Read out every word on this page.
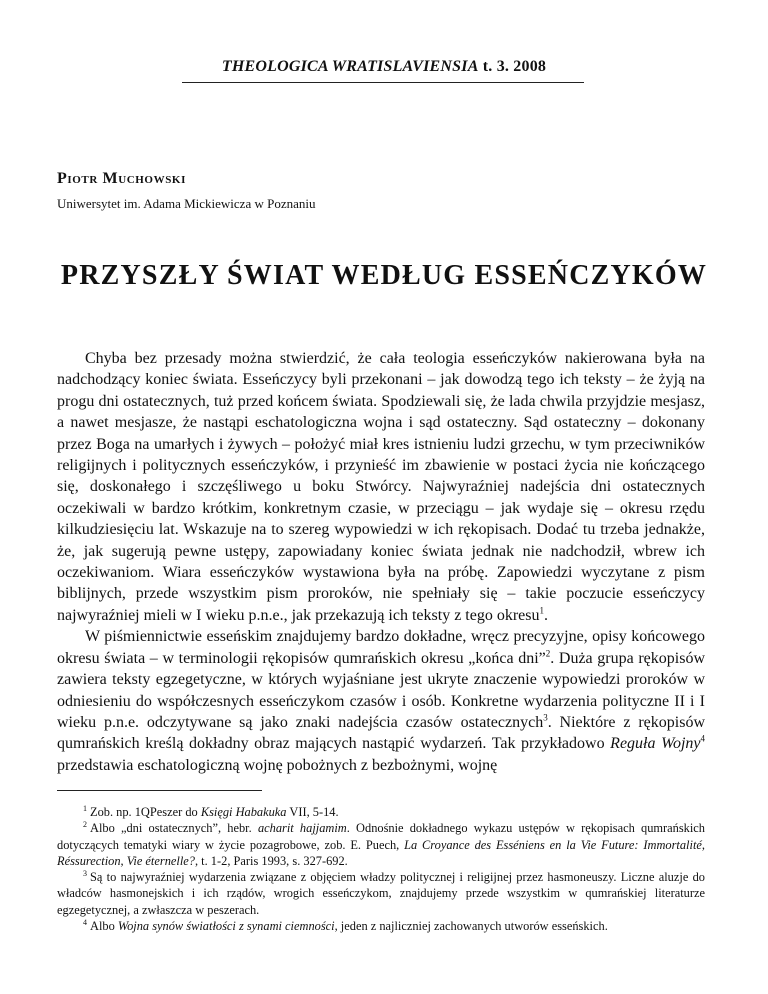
THEOLOGICA WRATISLAVIENSIA t. 3. 2008
Piotr Muchowski
Uniwersytet im. Adama Mickiewicza w Poznaniu
PRZYSZŁY ŚWIAT WEDŁUG ESSEŃCZYKÓW

Chyba bez przesady można stwierdzić, że cała teologia esseńczyków nakierowana była na nadchodzący koniec świata. Esseńczycy byli przekonani – jak dowodzą tego ich teksty – że żyją na progu dni ostatecznych, tuż przed końcem świata. Spodziewali się, że lada chwila przyjdzie mesjasz, a nawet mesjasze, że nastąpi eschatologiczna wojna i sąd ostateczny. Sąd ostateczny – dokonany przez Boga na umarłych i żywych – położyć miał kres istnieniu ludzi grzechu, w tym przeciwników religijnych i politycznych esseńczyków, i przynieść im zbawienie w postaci życia nie kończącego się, doskonałego i szczęśliwego u boku Stwórcy. Najwyraźniej nadejścia dni ostatecznych oczekiwali w bardzo krótkim, konkretnym czasie, w przeciągu – jak wydaje się – okresu rzędu kilkudziesięciu lat. Wskazuje na to szereg wypowiedzi w ich rękopisach. Dodać tu trzeba jednakże, że, jak sugerują pewne ustępy, zapowiadany koniec świata jednak nie nadchodził, wbrew ich oczekiwaniom. Wiara esseńczyków wystawiona była na próbę. Zapowiedzi wyczytane z pism biblijnych, przede wszystkim pism proroków, nie spełniały się – takie poczucie esseńczycy najwyraźniej mieli w I wieku p.n.e., jak przekazują ich teksty z tego okresu$^1$.

W piśmiennictwie esseńskim znajdujemy bardzo dokładne, wręcz precyzyjne, opisy końcowego okresu świata – w terminologii rękopisów qumrańskich okresu „końca dni”$^2$. Duża grupa rękopisów zawiera teksty egzegetyczne, w których wyjaśniane jest ukryte znaczenie wypowiedzi proroków w odniesieniu do współczesnych esseńczykom czasów i osób. Konkretne wydarzenia polityczne II i I wieku p.n.e. odczytywane są jako znaki nadejścia czasów ostatecznych$^3$. Niektóre z rękopisów qumrańskich kreślą dokładny obraz mających nastąpić wydarzeń. Tak przykładowo Reguła Wojny$^4$ przedstawia eschatologiczną wojnę pobożnych z bezbożnymi, wojnę

$^1$ Zob. np. 1QPeszer do Księgi Habakuka VII, 5-14.

$^2$ Albo „dni ostatecznych”, hebr. acharit hajjamim. Odnośnie dokładnego wykazu ustępów w rękopisach qumrańskich dotyczących tematyki wiary w życie pozagrobowe, zob. E. Puech, La Croyance des Esséniens en la Vie Future: Immortalité, Réssurection, Vie éternelle?, t. 1-2, Paris 1993, s. 327-692.

$^3$ Są to najwyraźniej wydarzenia związane z objęciem władzy politycznej i religijnej przez hasmoneuszy. Liczne aluzje do władców hasmonejskich i ich rządów, wrogich esseńczykom, znajdujemy przede wszystkim w qumrańskiej literaturze egzegetycznej, a zwłaszcza w peszerach.

$^4$ Albo Wojna synów światłości z synami ciemności, jeden z najliczniej zachowanych utworów esseńskich.
